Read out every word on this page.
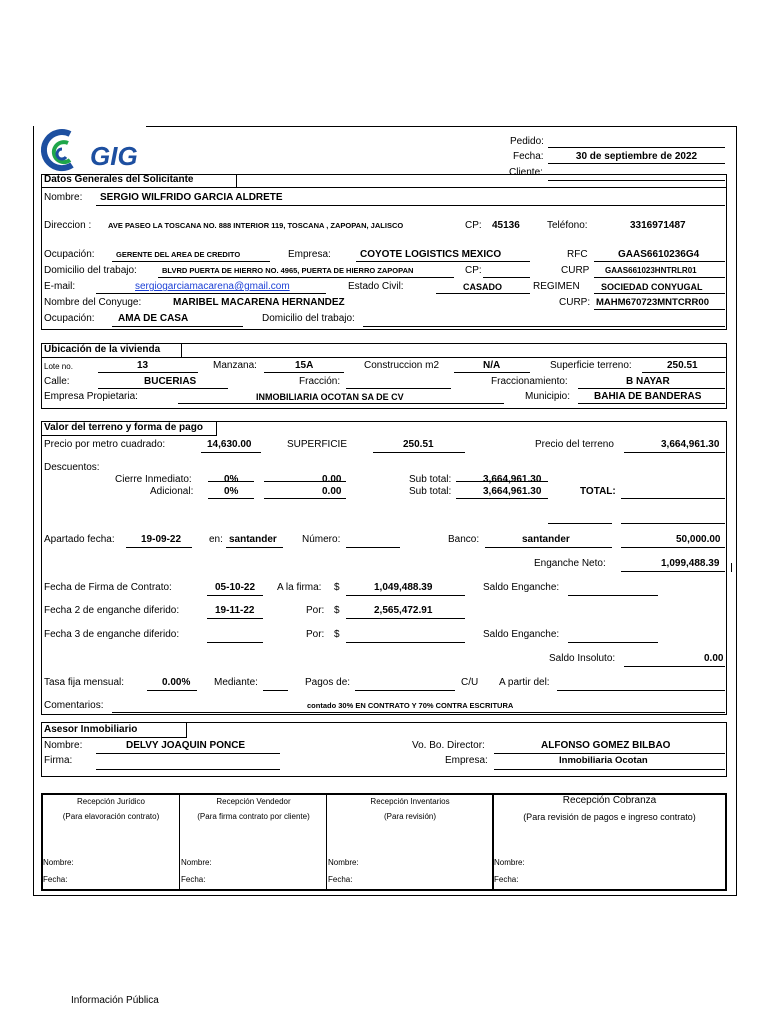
GIG	Pedido:
Fecha:	30 de septiembre de 2022
Cliente:
Datos Generales del Solicitante
Nombre: SERGIO WILFRIDO GARCIA ALDRETE
Direccion : AVE PASEO LA TOSCANA NO. 888 INTERIOR 119, TOSCANA , ZAPOPAN, JALISCO	CP: 45136	Teléfono:	3316971487
Ocupación:	GERENTE DEL AREA DE CREDITO	Empresa:	COYOTE LOGISTICS MEXICO	RFC	GAAS6610236G4
Domicilio del trabajo:	BLVRD PUERTA DE HIERRO NO. 4965, PUERTA DE HIERRO ZAPOPAN	CP:	CURP GAAS661023HNTRLR01
E-mail:	sergiogarciamacarena@gmail.com	Estado Civil:	CASADO	REGIMEN SOCIEDAD CONYUGAL
Nombre del Conyuge:	MARIBEL MACARENA HERNANDEZ	CURP: MAHM670723MNTCRR00
Ocupación: AMA DE CASA	Domicilio del trabajo:
Ubicación de la vivienda
Lote no.	13	Manzana:	15A	Construccion m2	N/A	Superficie terreno:	250.51
Calle:	BUCERIAS	Fracción:	Fraccionamiento:	B NAYAR
Empresa Propietaria:	INMOBILIARIA OCOTAN SA DE CV	Municipio: BAHIA DE BANDERAS
Valor del terreno y forma de pago
Precio por metro cuadrado:	14,630.00	SUPERFICIE	250.51	Precio del terreno	3,664,961.30
Descuentos:
Cierre Inmediato:	0%	0.00	Sub total:	3,664,961.30
Adicional:	0%	0.00	Sub total:	3,664,961.30	TOTAL:
Apartado fecha:	19-09-22	en: santander	Número:	Banco:	santander	50,000.00
Enganche Neto:	1,099,488.39
Fecha de Firma de Contrato:	05-10-22 A la firma: $	1,049,488.39	Saldo Enganche:
Fecha 2 de enganche diferido:	19-11-22	Por: $	2,565,472.91
Fecha 3 de enganche diferido:	Por: $	Saldo Enganche:
Saldo Insoluto:	0.00
Tasa fija mensual:	0.00% Mediante:	Pagos de:	C/U A partir del:
Comentarios:	contado 30% EN CONTRATO Y 70% CONTRA ESCRITURA
Asesor Inmobiliario
Nombre:	DELVY JOAQUIN PONCE	Vo. Bo. Director:	ALFONSO GOMEZ BILBAO
Firma:	Empresa:	Inmobiliaria Ocotan
Recepción Jurídico
(Para elavoración contrato)
Nombre:
Fecha:
Recepción Vendedor
(Para firma contrato por cliente)
Nombre:
Fecha:
Recepción Inventarios
(Para revisión)
Nombre:
Fecha:
Recepción Cobranza
(Para revisión de pagos e ingreso contrato)
Nombre:
Fecha:
Información Pública
